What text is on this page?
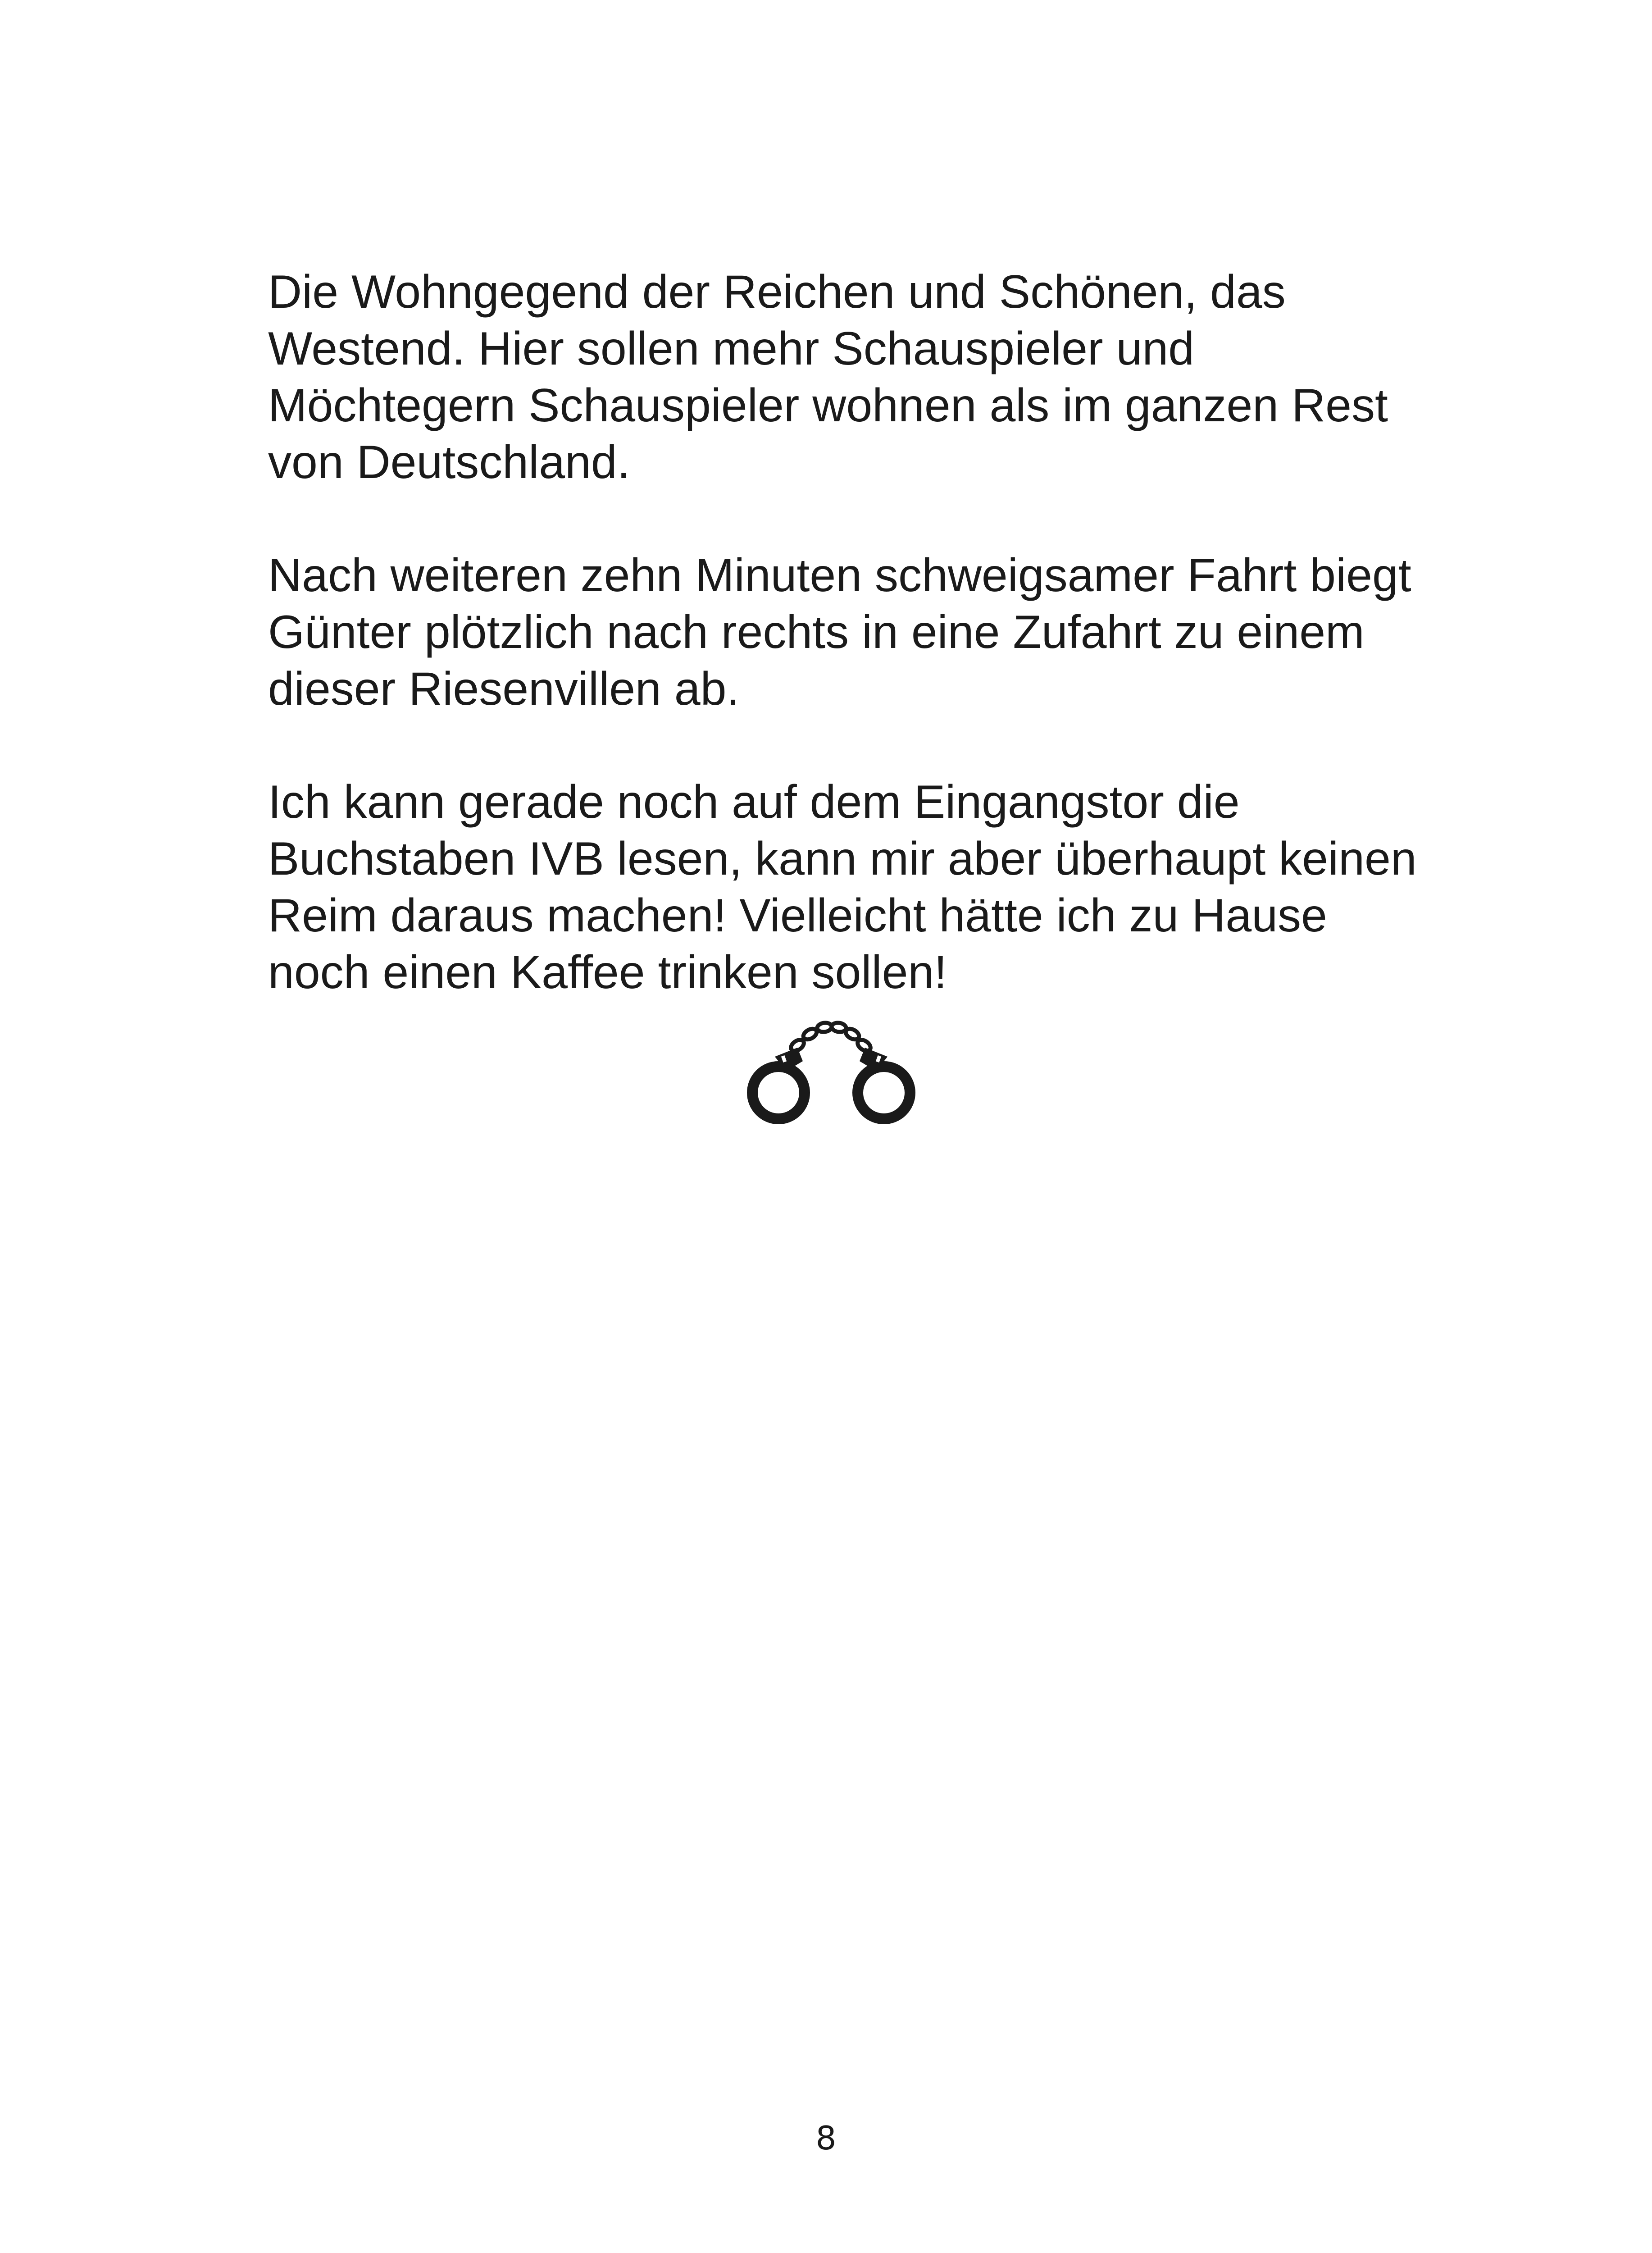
Die Wohngegend der Reichen und Schönen, das
Westend. Hier sollen mehr Schauspieler und
Möchtegern Schauspieler wohnen als im ganzen Rest
von Deutschland.

Nach weiteren zehn Minuten schweigsamer Fahrt biegt
Günter plötzlich nach rechts in eine Zufahrt zu einem
dieser Riesenvillen ab.

Ich kann gerade noch auf dem Eingangstor die
Buchstaben IVB lesen, kann mir aber überhaupt keinen
Reim daraus machen! Vielleicht hätte ich zu Hause
noch einen Kaffee trinken sollen!

8
